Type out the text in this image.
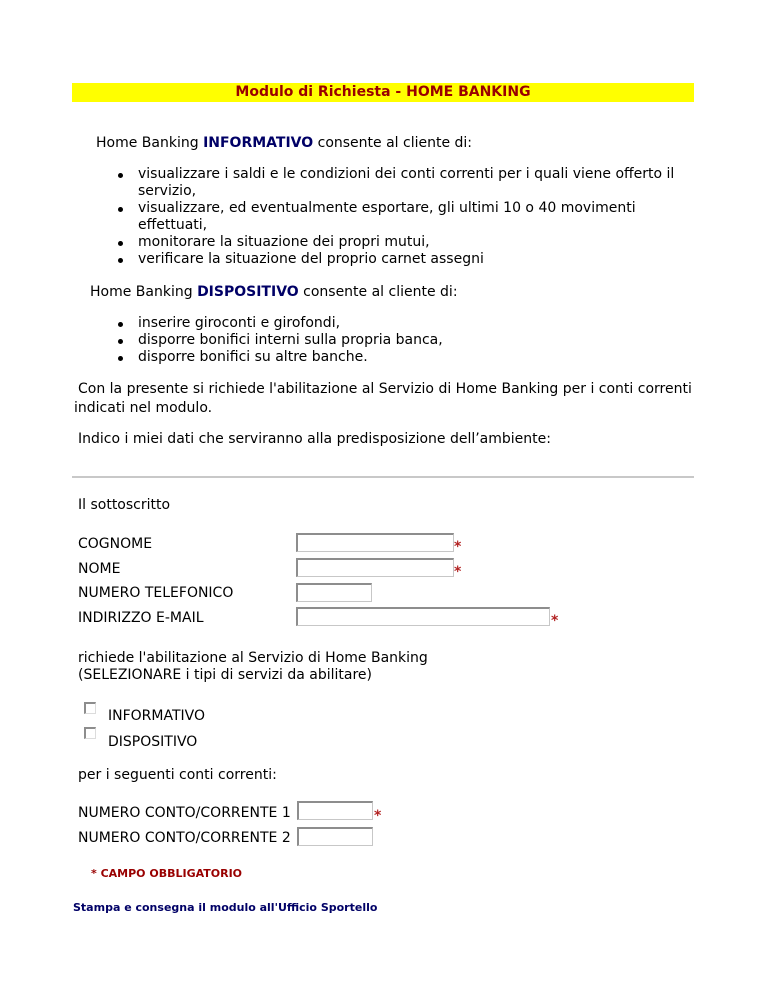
Modulo di Richiesta - HOME BANKING
Home Banking INFORMATIVO consente al cliente di:
visualizzare i saldi e le condizioni dei conti correnti per i quali viene offerto il
servizio,
visualizzare, ed eventualmente esportare, gli ultimi 10 o 40 movimenti
effettuati,
monitorare la situazione dei propri mutui,
verificare la situazione del proprio carnet assegni
Home Banking DISPOSITIVO consente al cliente di:
inserire giroconti e girofondi,
disporre bonifici interni sulla propria banca,
disporre bonifici su altre banche.
Con la presente si richiede l'abilitazione al Servizio di Home Banking per i conti correnti
indicati nel modulo.
Indico i miei dati che serviranno alla predisposizione dell’ambiente:
Il sottoscritto
COGNOME	*
NOME	*
NUMERO TELEFONICO
INDIRIZZO E-MAIL	*
richiede l'abilitazione al Servizio di Home Banking
(SELEZIONARE i tipi di servizi da abilitare)
INFORMATIVO
DISPOSITIVO
per i seguenti conti correnti:
NUMERO CONTO/CORRENTE 1	*
NUMERO CONTO/CORRENTE 2
* CAMPO OBBLIGATORIO
Stampa e consegna il modulo all'Ufficio Sportello
